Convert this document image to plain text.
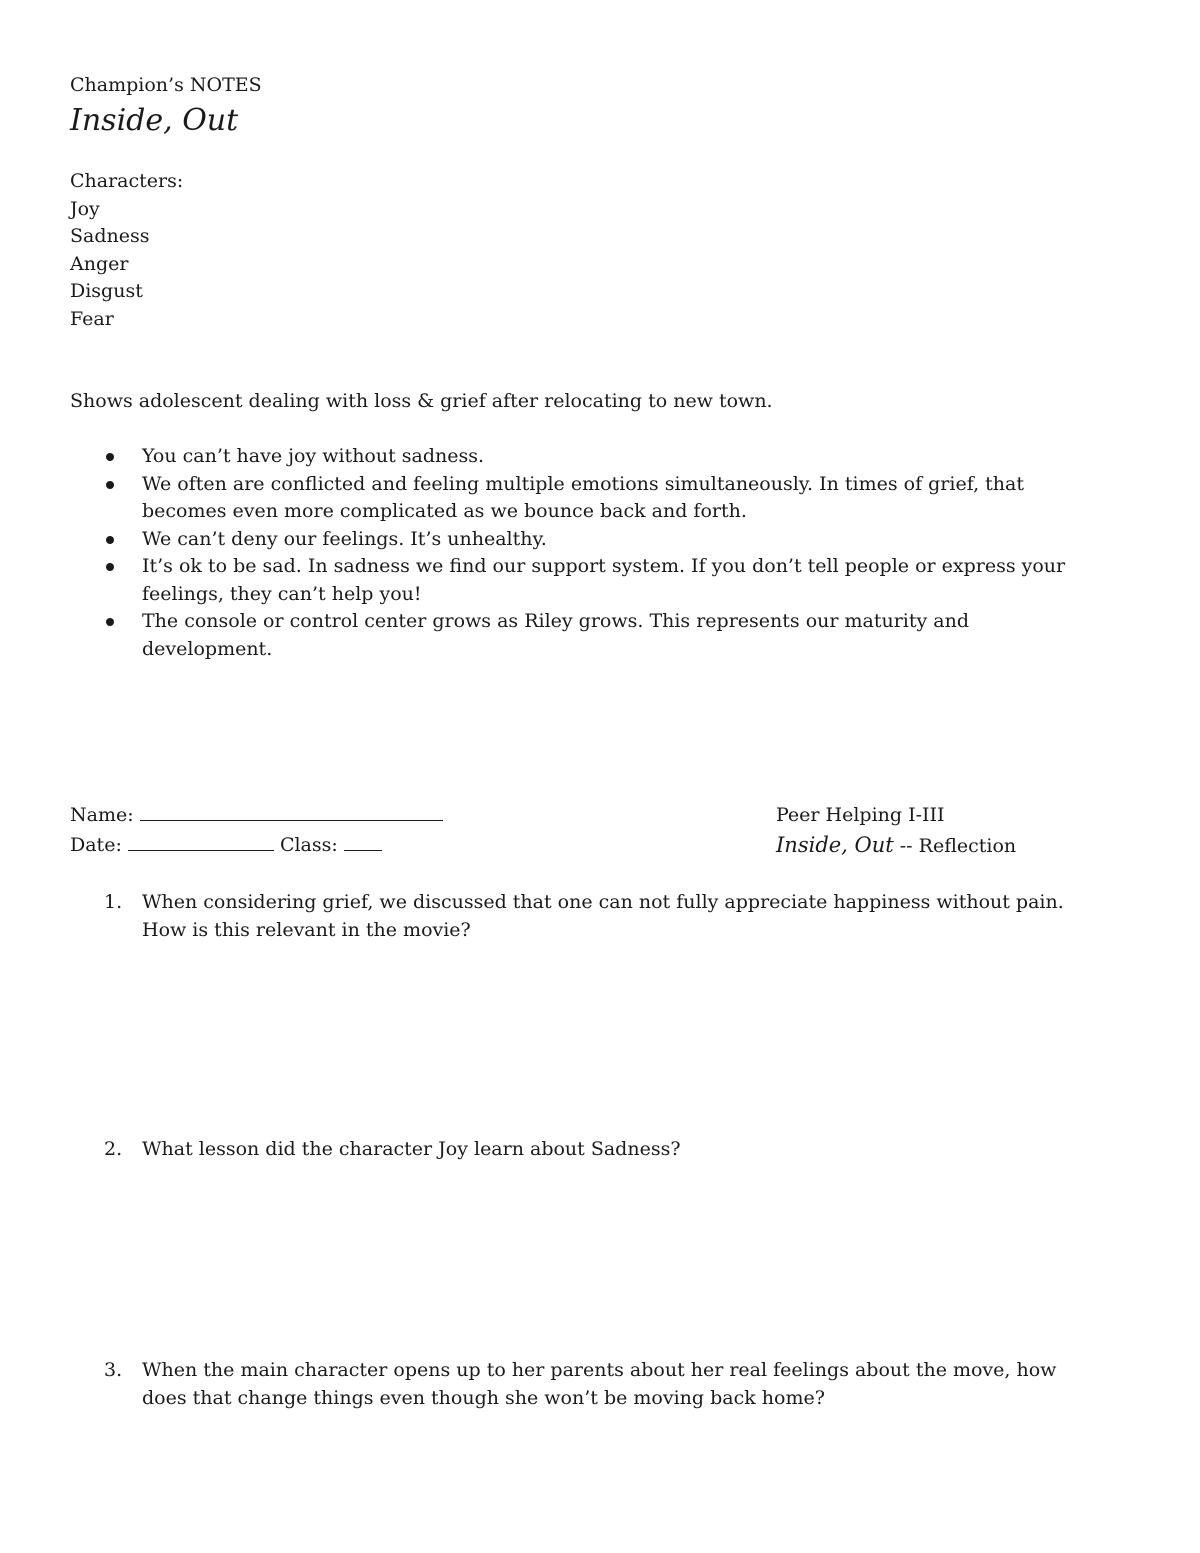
Champion’s NOTES
Inside, Out
Characters:
Joy
Sadness
Anger
Disgust
Fear
Shows adolescent dealing with loss & grief after relocating to new town.
You can’t have joy without sadness.
We often are conflicted and feeling multiple emotions simultaneously. In times of grief, that becomes even more complicated as we bounce back and forth.
We can’t deny our feelings. It’s unhealthy.
It’s ok to be sad. In sadness we find our support system. If you don’t tell people or express your feelings, they can’t help you!
The console or control center grows as Riley grows. This represents our maturity and development.
Name:
Date:	Class:
Peer Helping I-III
Inside, Out -- Reflection
1. When considering grief, we discussed that one can not fully appreciate happiness without pain. How is this relevant in the movie?
2. What lesson did the character Joy learn about Sadness?
3. When the main character opens up to her parents about her real feelings about the move, how does that change things even though she won’t be moving back home?
